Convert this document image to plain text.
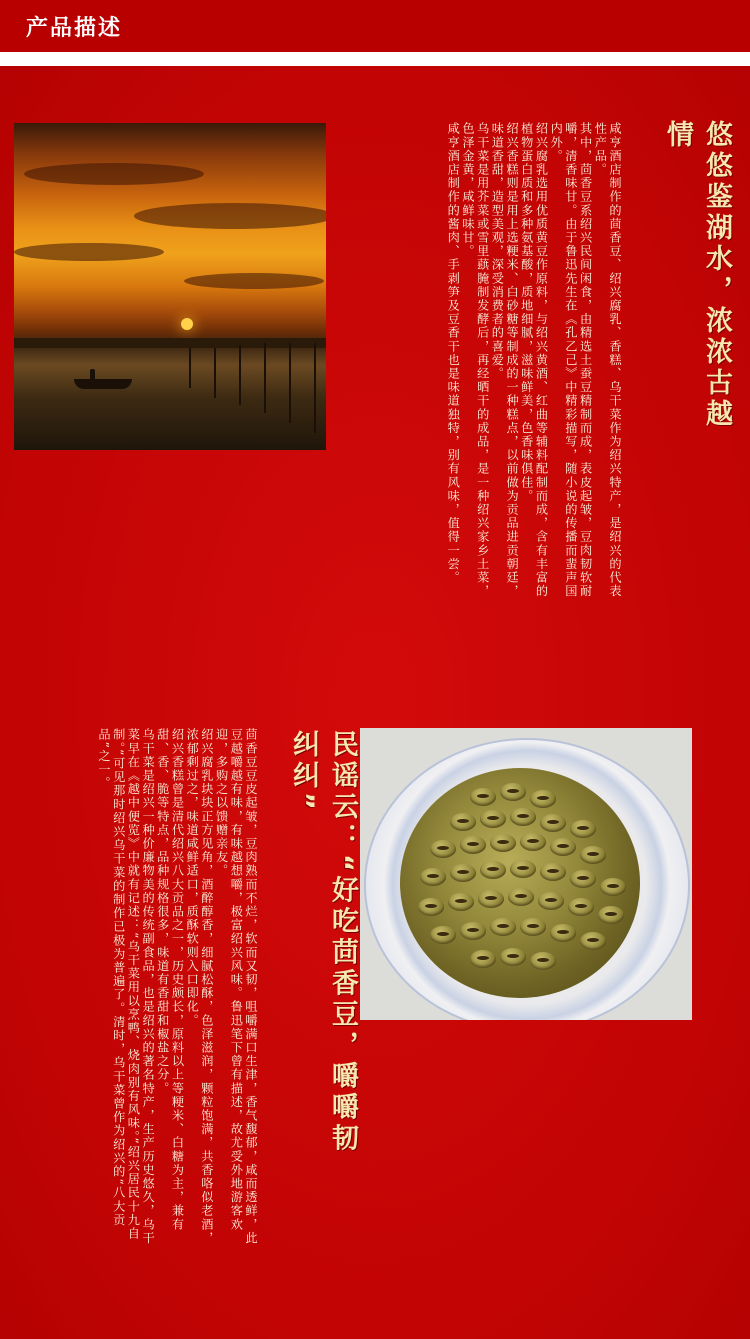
产品描述
悠悠鉴湖水，浓浓古越情

咸亨酒店制作的茴香豆、绍兴腐乳、香糕、乌干菜作为绍兴特产，是绍兴的代表性产品。

其中，茴香豆系绍兴民间闲食，由精选土蚕豆精制而成，表皮起皱，豆肉韧软耐嚼，清香味甘。由于鲁迅先生在《孔乙己》中精彩描写，随小说的传播而蜚声国内外。

绍兴腐乳选用优质黄豆作原料，与绍兴黄酒、红曲等辅料配制而成，含有丰富的植物蛋白质和多种氨基酸，质地细腻，滋味鲜美，色香味俱佳。

绍兴香糕则是用上选粳米、白砂糖等制成的一种糕点，以前做为贡品进贡朝廷，味道香甜，造型美观，深受消费者的喜爱。

乌干菜是用芥菜或雪里蕻腌制发酵后，再经晒干的成品，是一种绍兴家乡土菜，色泽金黄，咸鲜味甘。

咸亨酒店制作的酱肉、手剥笋及豆香干也是味道独特，别有风味，值得一尝。

民谣云：“好吃茴香豆，嚼嚼韧纠纠”

茴香豆豆皮起皱，豆肉熟而不烂，软而又韧，咀嚼满口生津，香气馥郁，咸而透鲜，此豆越嚼越有味，有味越想嚼，极富绍兴风味。鲁迅笔下曾有描述，故尤受外地游客欢迎，多购之以馈赠亲友。

绍兴腐乳块块正方见角，酒醉醇香，细腻松酥，色泽滋润，颗粒饱满，共香咯似老酒，浓郁剩过之，味道咸鲜适口，质酥软则入口即化。

绍兴香糕曾是清代绍兴八大贡品之一，历史颇长，原料以上等粳米、白糖为主，兼有甜、香、脆等特点，品种规格很多，味道有香甜和椒盐之分。

乌干菜是绍兴一种价廉物美的传统副食品，也是绍兴的著名特产，生产历史悠久，乌干菜早在《越中便览》中就有记述：“乌干菜用以烹鸭、烧肉别有风味。”绍兴居民十九自制。”可见那时绍兴乌干菜的制作已极为普遍了。清时，乌干菜曾作为绍兴的“八大贡品”之一。
